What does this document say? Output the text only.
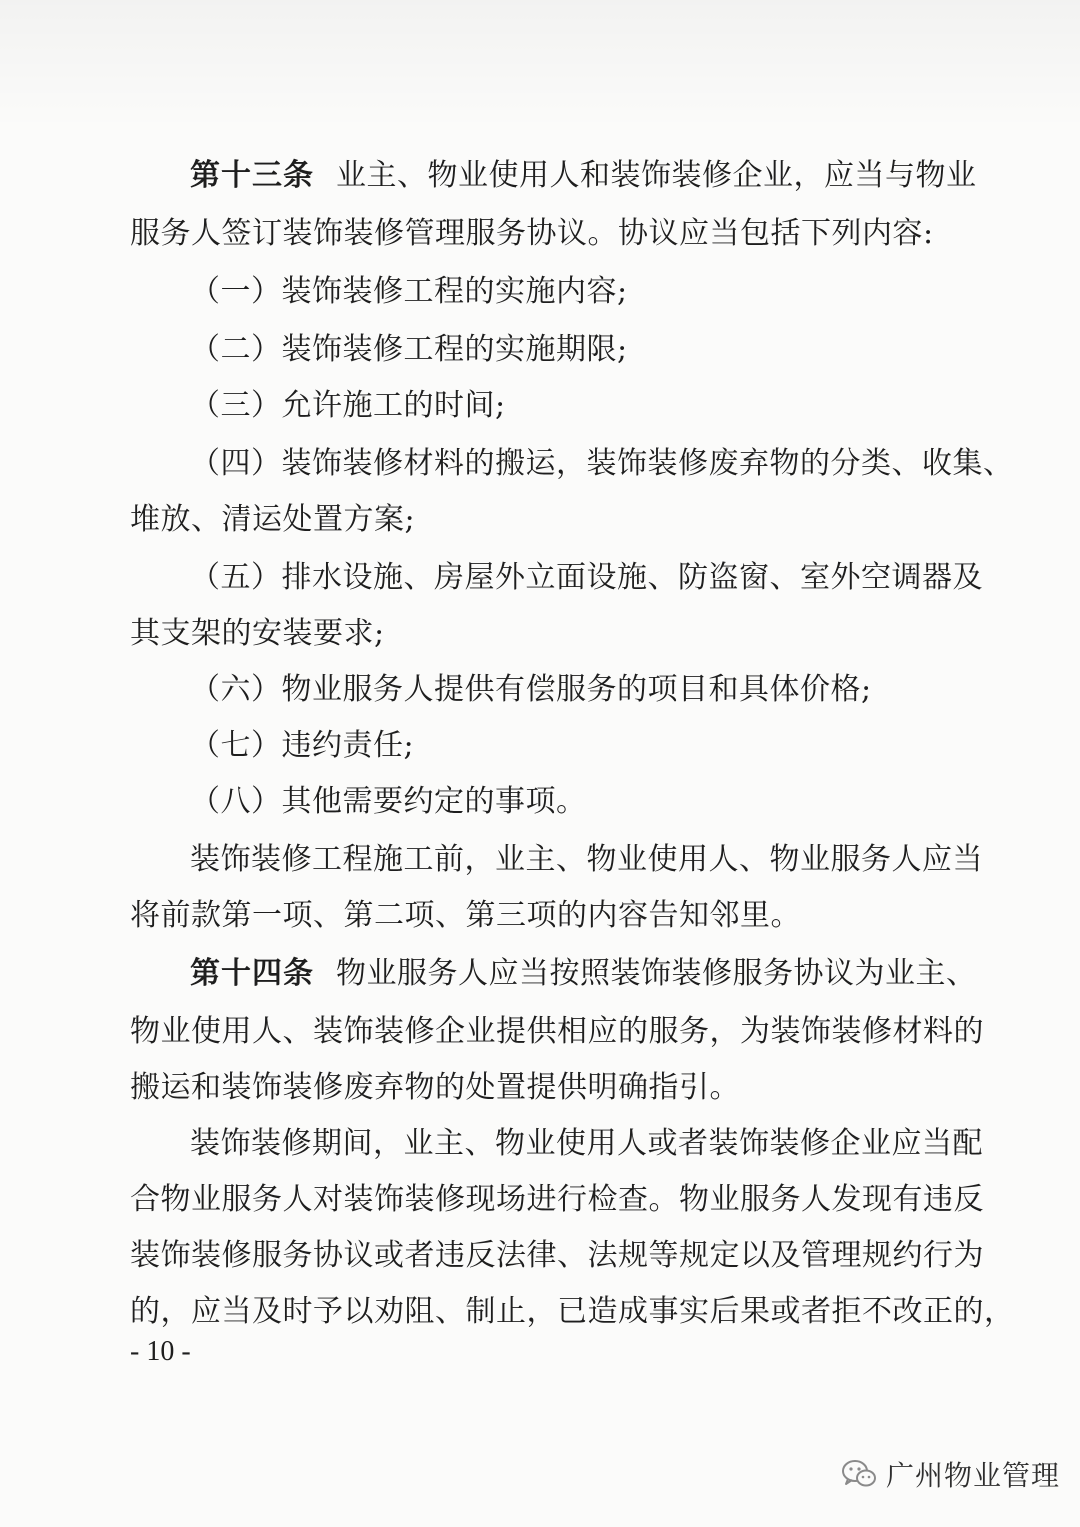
第十三条 业主、物业使用人和装饰装修企业，应当与物业
服务人签订装饰装修管理服务协议。协议应当包括下列内容:
（一）装饰装修工程的实施内容;
（二）装饰装修工程的实施期限;
（三）允许施工的时间;
（四）装饰装修材料的搬运，装饰装修废弃物的分类、收集、
堆放、清运处置方案;
（五）排水设施、房屋外立面设施、防盗窗、室外空调器及
其支架的安装要求;
（六）物业服务人提供有偿服务的项目和具体价格;
（七）违约责任;
（八）其他需要约定的事项。
装饰装修工程施工前，业主、物业使用人、物业服务人应当
将前款第一项、第二项、第三项的内容告知邻里。
第十四条 物业服务人应当按照装饰装修服务协议为业主、
物业使用人、装饰装修企业提供相应的服务，为装饰装修材料的
搬运和装饰装修废弃物的处置提供明确指引。
装饰装修期间，业主、物业使用人或者装饰装修企业应当配
合物业服务人对装饰装修现场进行检查。物业服务人发现有违反
装饰装修服务协议或者违反法律、法规等规定以及管理规约行为
的，应当及时予以劝阻、制止，已造成事实后果或者拒不改正的，
- 10 -
广州物业管理
